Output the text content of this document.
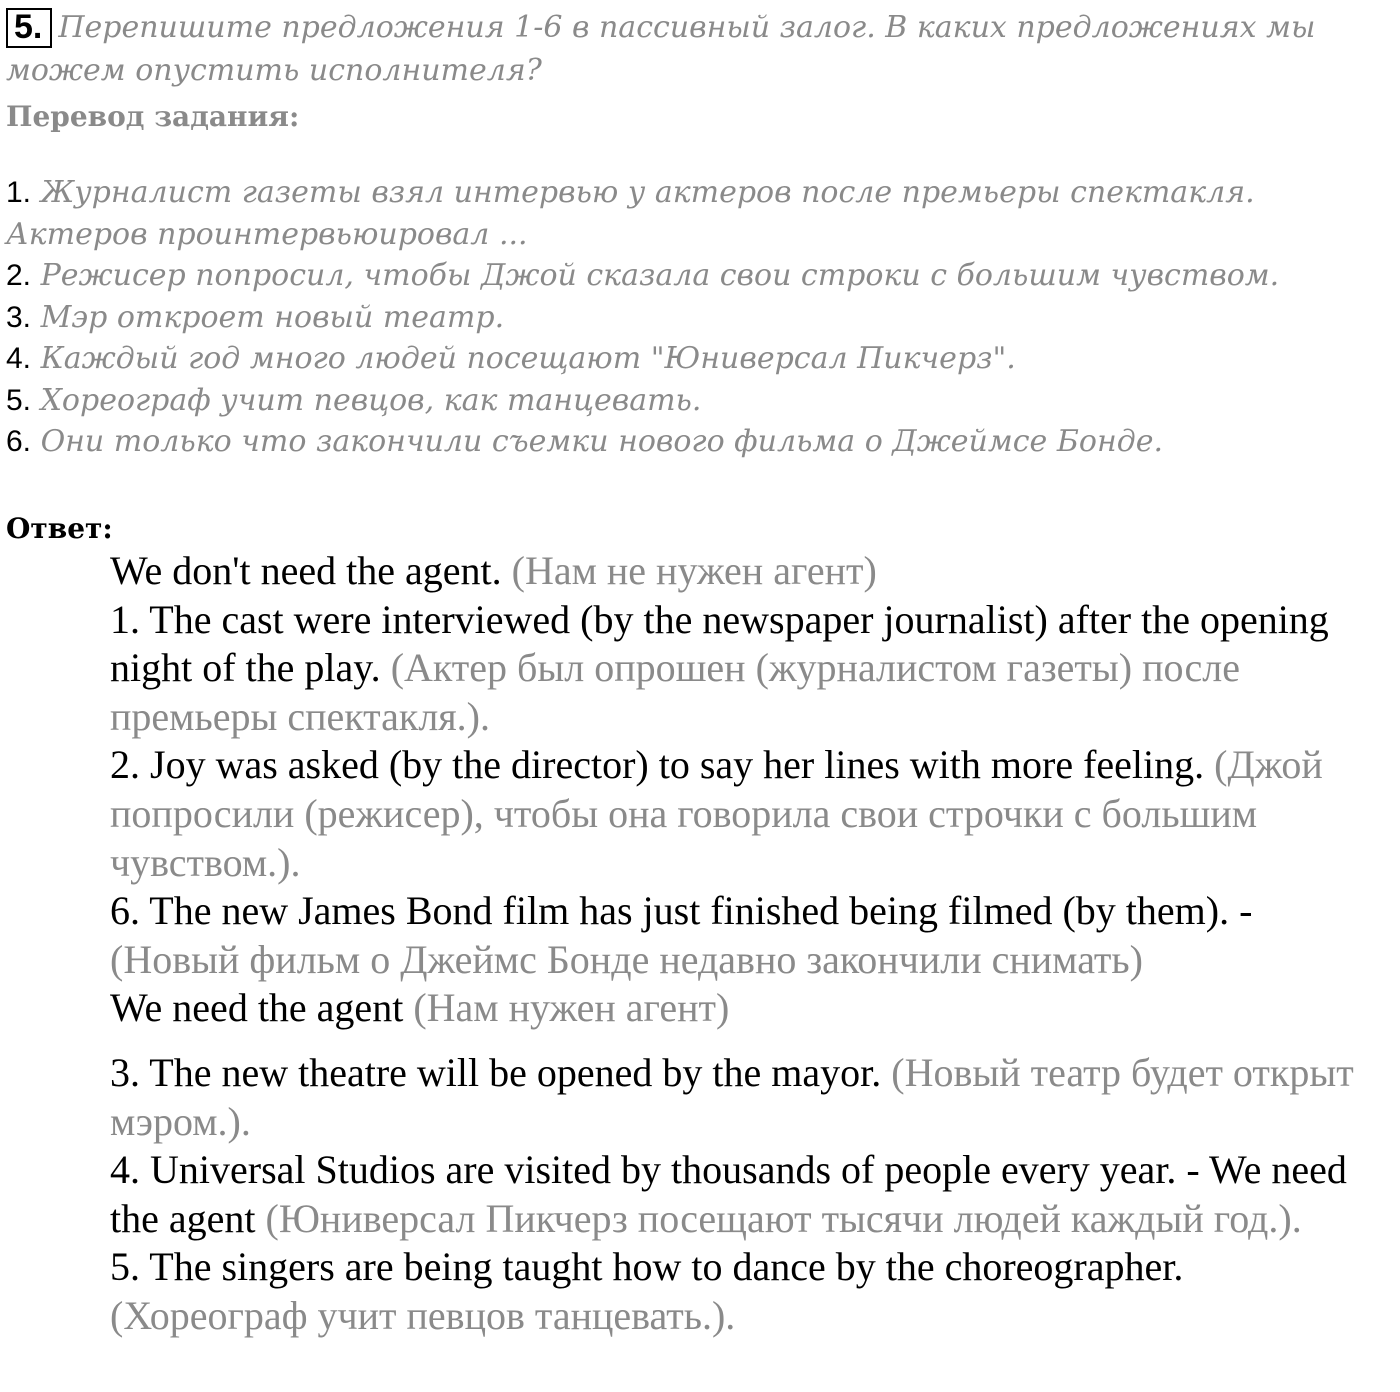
5. Перепишите предложения 1-6 в пассивный залог. В каких предложениях мы можем опустить исполнителя?
Перевод задания:
1. Журналист газеты взял интервью у актеров после премьеры спектакля.
Актеров проинтервьюировал ...
2. Режисер попросил, чтобы Джой сказала свои строки с большим чувством.
3. Мэр откроет новый театр.
4. Каждый год много людей посещают "Юниверсал Пикчерз".
5. Хореограф учит певцов, как танцевать.
6. Они только что закончили съемки нового фильма о Джеймсе Бонде.
Ответ:

We don't need the agent. (Нам не нужен агент)

1. The cast were interviewed (by the newspaper journalist) after the opening night of the play. (Актер был опрошен (журналистом газеты) после премьеры спектакля.).

2. Joy was asked (by the director) to say her lines with more feeling. (Джой попросили (режисер), чтобы она говорила свои строчки с большим чувством.).

6. The new James Bond film has just finished being filmed (by them). -
(Новый фильм о Джеймс Бонде недавно закончили снимать)

We need the agent (Нам нужен агент)

3. The new theatre will be opened by the mayor. (Новый театр будет открыт мэром.).

4. Universal Studios are visited by thousands of people every year. - We need the agent (Юниверсал Пикчерз посещают тысячи людей каждый год.).

5. The singers are being taught how to dance by the choreographer.
(Хореограф учит певцов танцевать.).
